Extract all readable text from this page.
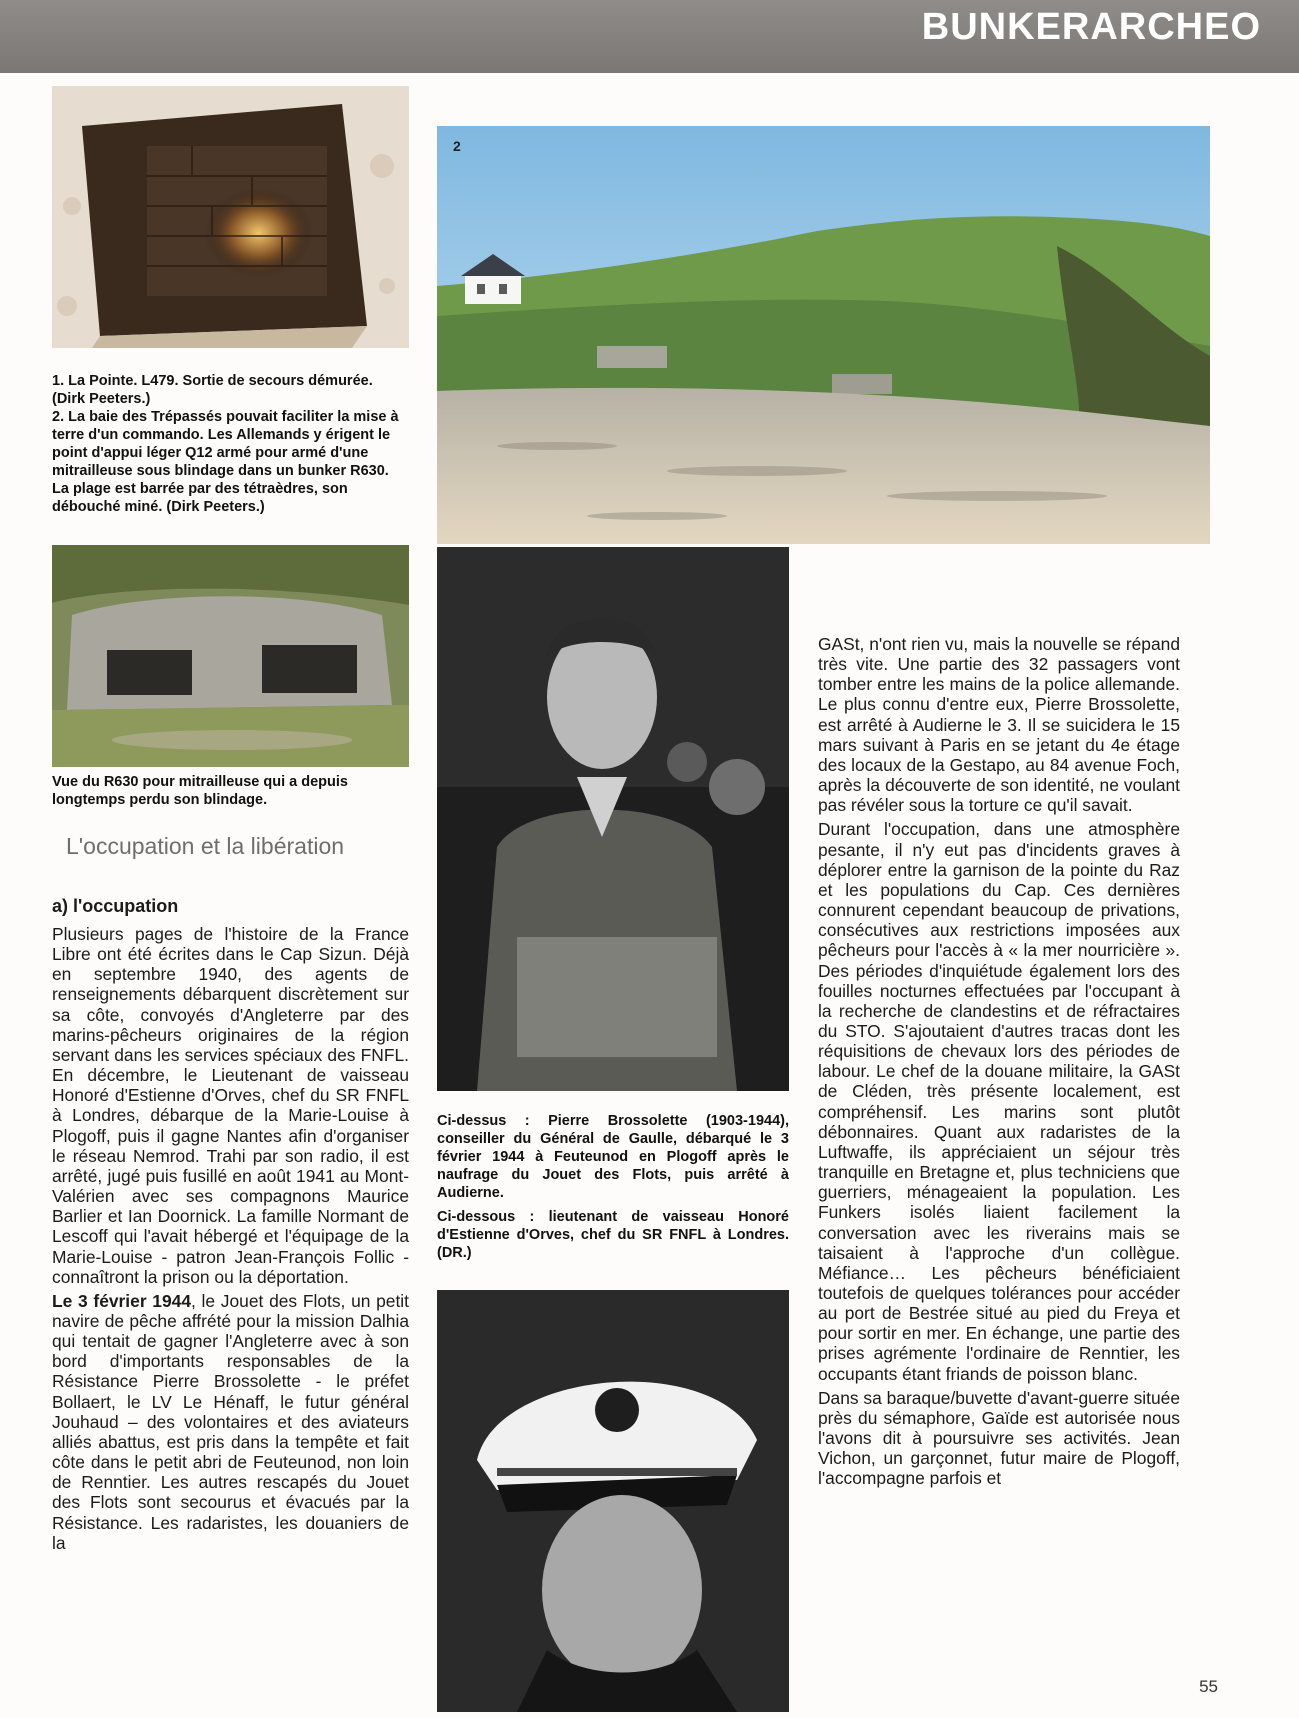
BUNKERARCHEO

1. La Pointe. L479. Sortie de secours démurée. (Dirk Peeters.)

2. La baie des Trépassés pouvait faciliter la mise à terre d'un commando. Les Allemands y érigent le point d'appui léger Q12 armé pour armé d'une mitrailleuse sous blindage dans un bunker R630. La plage est barrée par des tétraèdres, son débouché miné. (Dirk Peeters.)

2

Vue du R630 pour mitrailleuse qui a depuis longtemps perdu son blindage.

L'occupation et la libération
a) l'occupation

Plusieurs pages de l'histoire de la France Libre ont été écrites dans le Cap Sizun. Déjà en septembre 1940, des agents de renseignements débarquent discrètement sur sa côte, convoyés d'Angleterre par des marins-pêcheurs originaires de la région servant dans les services spéciaux des FNFL. En décembre, le Lieutenant de vaisseau Honoré d'Estienne d'Orves, chef du SR FNFL à Londres, débarque de la Marie-Louise à Plogoff, puis il gagne Nantes afin d'organiser le réseau Nemrod. Trahi par son radio, il est arrêté, jugé puis fusillé en août 1941 au Mont-Valérien avec ses compagnons Maurice Barlier et Ian Doornick. La famille Normant de Lescoff qui l'avait hébergé et l'équipage de la Marie-Louise - patron Jean-François Follic - connaîtront la prison ou la déportation.

Le 3 février 1944, le Jouet des Flots, un petit navire de pêche affrété pour la mission Dalhia qui tentait de gagner l'Angleterre avec à son bord d'importants responsables de la Résistance Pierre Brossolette - le préfet Bollaert, le LV Le Hénaff, le futur général Jouhaud – des volontaires et des aviateurs alliés abattus, est pris dans la tempête et fait côte dans le petit abri de Feuteunod, non loin de Renntier. Les autres rescapés du Jouet des Flots sont secourus et évacués par la Résistance. Les radaristes, les douaniers de la

Ci-dessus : Pierre Brossolette (1903-1944), conseiller du Général de Gaulle, débarqué le 3 février 1944 à Feuteunod en Plogoff après le naufrage du Jouet des Flots, puis arrêté à Audierne.

Ci-dessous : lieutenant de vaisseau Honoré d'Estienne d'Orves, chef du SR FNFL à Londres. (DR.)

GASt, n'ont rien vu, mais la nouvelle se répand très vite. Une partie des 32 passagers vont tomber entre les mains de la police allemande. Le plus connu d'entre eux, Pierre Brossolette, est arrêté à Audierne le 3. Il se suicidera le 15 mars suivant à Paris en se jetant du 4e étage des locaux de la Gestapo, au 84 avenue Foch, après la découverte de son identité, ne voulant pas révéler sous la torture ce qu'il savait.

Durant l'occupation, dans une atmosphère pesante, il n'y eut pas d'incidents graves à déplorer entre la garnison de la pointe du Raz et les populations du Cap. Ces dernières connurent cependant beaucoup de privations, consécutives aux restrictions imposées aux pêcheurs pour l'accès à « la mer nourricière ». Des périodes d'inquiétude également lors des fouilles nocturnes effectuées par l'occupant à la recherche de clandestins et de réfractaires du STO. S'ajoutaient d'autres tracas dont les réquisitions de chevaux lors des périodes de labour. Le chef de la douane militaire, la GASt de Cléden, très présente localement, est compréhensif. Les marins sont plutôt débonnaires. Quant aux radaristes de la Luftwaffe, ils appréciaient un séjour très tranquille en Bretagne et, plus techniciens que guerriers, ménageaient la population. Les Funkers isolés liaient facilement la conversation avec les riverains mais se taisaient à l'approche d'un collègue. Méfiance… Les pêcheurs bénéficiaient toutefois de quelques tolérances pour accéder au port de Bestrée situé au pied du Freya et pour sortir en mer. En échange, une partie des prises agrémente l'ordinaire de Renntier, les occupants étant friands de poisson blanc.

Dans sa baraque/buvette d'avant-guerre située près du sémaphore, Gaïde est autorisée nous l'avons dit à poursuivre ses activités. Jean Vichon, un garçonnet, futur maire de Plogoff, l'accompagne parfois et

55
